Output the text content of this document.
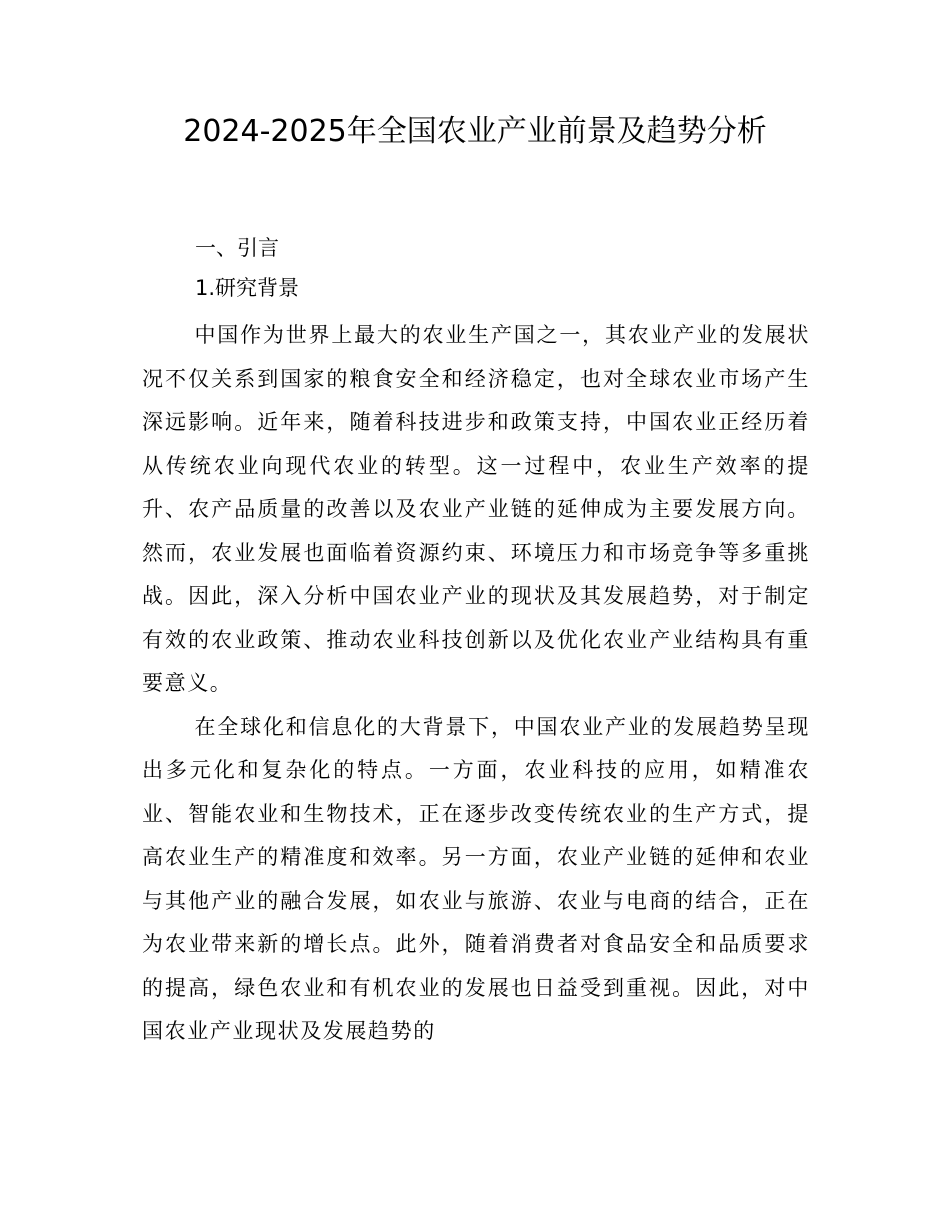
2024-2025年全国农业产业前景及趋势分析
一、引言
1.研究背景

中国作为世界上最大的农业生产国之一，其农业产业的发展状况不仅关系到国家的粮食安全和经济稳定，也对全球农业市场产生深远影响。近年来，随着科技进步和政策支持，中国农业正经历着从传统农业向现代农业的转型。这一过程中，农业生产效率的提升、农产品质量的改善以及农业产业链的延伸成为主要发展方向。然而，农业发展也面临着资源约束、环境压力和市场竞争等多重挑战。因此，深入分析中国农业产业的现状及其发展趋势，对于制定有效的农业政策、推动农业科技创新以及优化农业产业结构具有重要意义。

在全球化和信息化的大背景下，中国农业产业的发展趋势呈现出多元化和复杂化的特点。一方面，农业科技的应用，如精准农业、智能农业和生物技术，正在逐步改变传统农业的生产方式，提高农业生产的精准度和效率。另一方面，农业产业链的延伸和农业与其他产业的融合发展，如农业与旅游、农业与电商的结合，正在为农业带来新的增长点。此外，随着消费者对食品安全和品质要求的提高，绿色农业和有机农业的发展也日益受到重视。因此，对中国农业产业现状及发展趋势的
